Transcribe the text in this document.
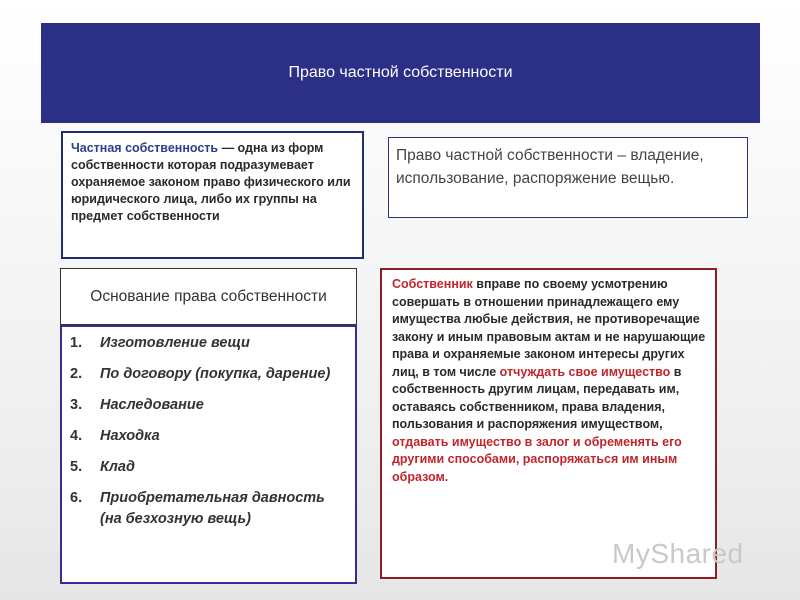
Право частной собственности
Частная собственность — одна из форм собственности которая подразумевает охраняемое законом право физического или юридического лица, либо их группы на предмет собственности
Право частной собственности – владение, использование, распоряжение вещью.
Основание права собственности
1.	Изготовление вещи
2.	По договору (покупка, дарение)
3.	Наследование
4.	Находка
5.	Клад
6.	Приобретательная давность (на безхозную вещь)
Собственник вправе по своему усмотрению совершать в отношении принадлежащего ему имущества любые действия, не противоречащие закону и иным правовым актам и не нарушающие права и охраняемые законом интересы других лиц, в том числе отчуждать свое имущество в собственность другим лицам, передавать им, оставаясь собственником, права владения, пользования и распоряжения имуществом, отдавать имущество в залог и обременять его другими способами, распоряжаться им иным образом.
MyShared
